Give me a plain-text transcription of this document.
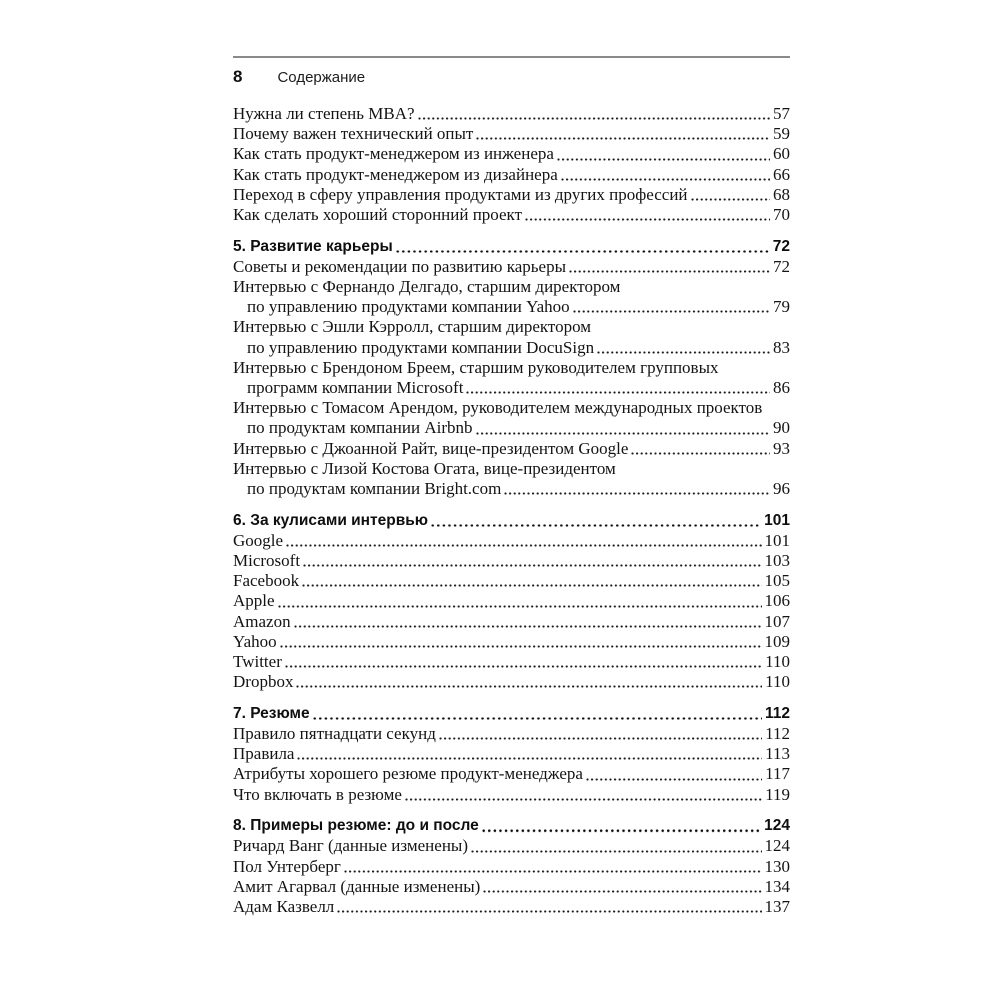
8 Содержание
Нужна ли степень MBA?	57
Почему важен технический опыт	59
Как стать продукт-менеджером из инженера	60
Как стать продукт-менеджером из дизайнера	66
Переход в сферу управления продуктами из других профессий	68
Как сделать хороший сторонний проект	70
5. Развитие карьеры	72
Советы и рекомендации по развитию карьеры	72
Интервью с Фернандо Делгадо, старшим директором
по управлению продуктами компании Yahoo	79
Интервью с Эшли Кэрролл, старшим директором
по управлению продуктами компании DocuSign	83
Интервью с Брендоном Бреем, старшим руководителем групповых
программ компании Microsoft	86
Интервью с Томасом Арендом, руководителем международных проектов
по продуктам компании Airbnb	90
Интервью с Джоанной Райт, вице-президентом Google	93
Интервью с Лизой Костова Огата, вице-президентом
по продуктам компании Bright.com	96
6. За кулисами интервью	101
Google	101
Microsoft	103
Facebook	105
Apple	106
Amazon	107
Yahoo	109
Twitter	110
Dropbox	110
7. Резюме	112
Правило пятнадцати секунд	112
Правила	113
Атрибуты хорошего резюме продукт-менеджера	117
Что включать в резюме	119
8. Примеры резюме: до и после	124
Ричард Ванг (данные изменены)	124
Пол Унтерберг	130
Амит Агарвал (данные изменены)	134
Адам Казвелл	137
